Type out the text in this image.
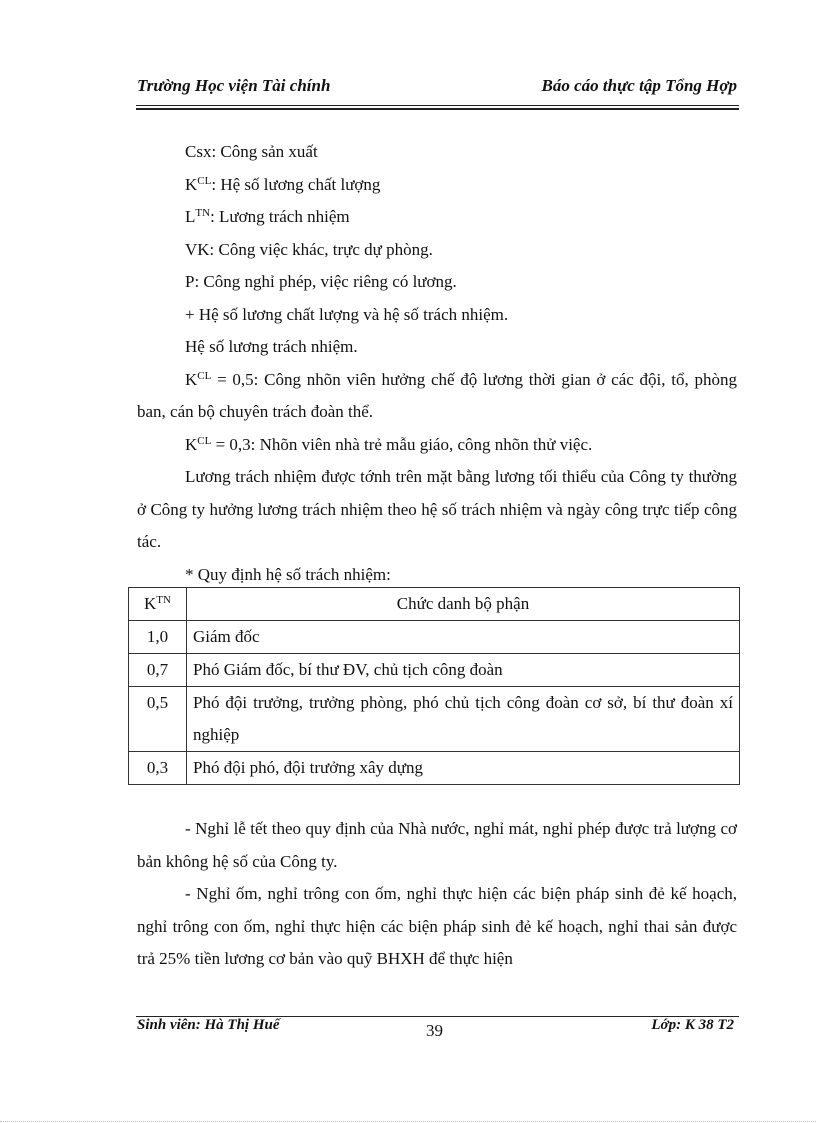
Trường Học viện Tài chính	Báo cáo thực tập Tổng Hợp

Csx: Công sản xuất

$K^{CL}$: Hệ số lương chất lượng

$L^{TN}$: Lương trách nhiệm

VK: Công việc khác, trực dự phòng.

P: Công nghỉ phép, việc riêng có lương.

+ Hệ số lương chất lượng và hệ số trách nhiệm.

Hệ số lương trách nhiệm.

$K^{CL} = 0,5$: Công nhõn viên hưởng chế độ lương thời gian ở các đội, tổ, phòng ban, cán bộ chuyên trách đoàn thể.

$K^{CL} = 0,3$: Nhõn viên nhà trẻ mẫu giáo, công nhõn thử việc.

Lương trách nhiệm được tớnh trên mặt bằng lương tối thiểu của Công ty thường ở Công ty hưởng lương trách nhiệm theo hệ số trách nhiệm và ngày công trực tiếp công tác.

* Quy định hệ số trách nhiệm:

$K^{TN}$	Chức danh bộ phận
1,0	Giám đốc
0,7	Phó Giám đốc, bí thư ĐV, chủ tịch công đoàn
0,5	Phó đội trưởng, trưởng phòng, phó chủ tịch công đoàn cơ sở, bí thư đoàn xí nghiệp
0,3	Phó đội phó, đội trưởng xây dựng

- Nghỉ lễ tết theo quy định của Nhà nước, nghỉ mát, nghỉ phép được trả lượng cơ bản không hệ số của Công ty.

- Nghỉ ốm, nghỉ trông con ốm, nghỉ thực hiện các biện pháp sinh đẻ kế hoạch, nghỉ trông con ốm, nghỉ thực hiện các biện pháp sinh đẻ kế hoạch, nghỉ thai sản được trả 25% tiền lương cơ bản vào quỹ BHXH để thực hiện

Sinh viên: Hà Thị Huế	39	Lớp: K 38 T2
